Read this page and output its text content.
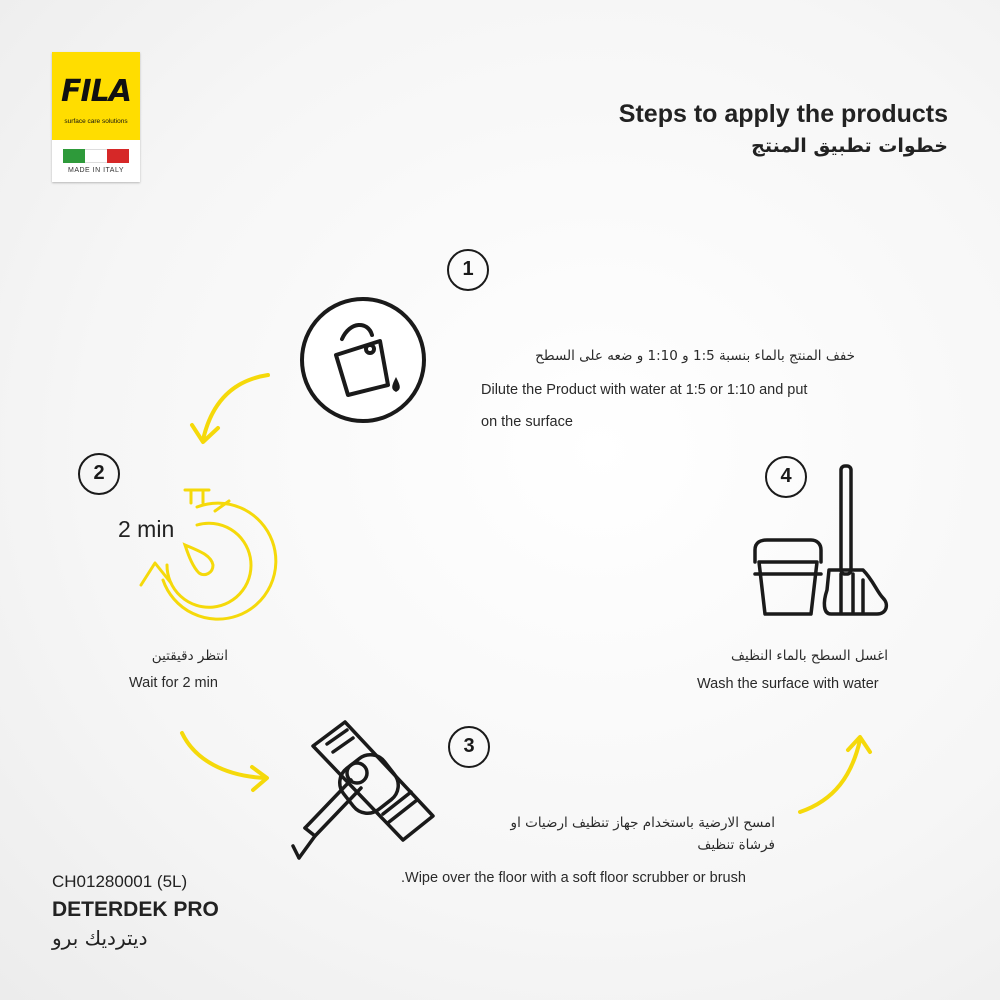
FILA
surface care solutions
MADE IN ITALY
Steps to apply the products
خطوات تطبيق المنتج
1
خفف المنتج بالماء بنسبة 1:5 و 1:10 و ضعه على السطح
Dilute the Product with water at 1:5 or 1:10 and put
on the surface
2
2 min
انتظر دقيقتين
Wait for 2 min
3
امسح الارضية باستخدام جهاز تنظيف ارضيات او
فرشاة تنظيف
.Wipe over the floor with a soft floor scrubber or brush
4
اغسل السطح بالماء النظيف
Wash the surface with water
CH01280001 (5L)
DETERDEK PRO
ديترديك برو
